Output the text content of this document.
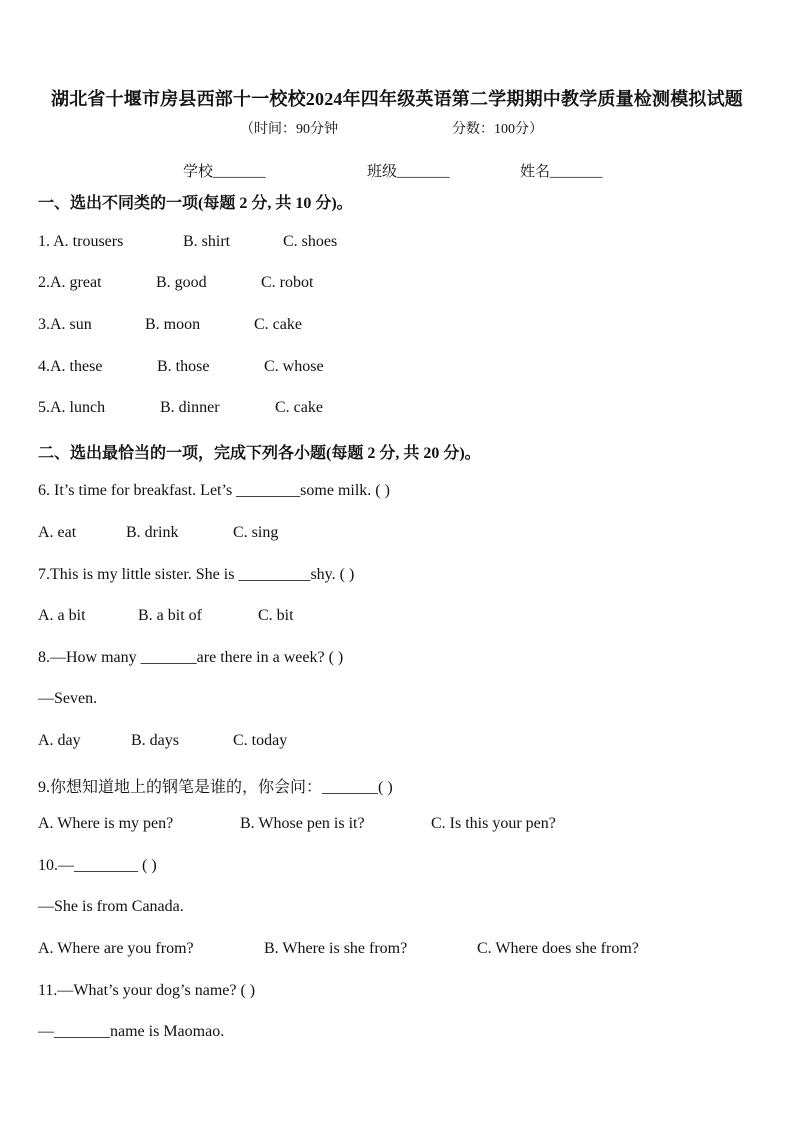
湖北省十堰市房县西部十一校校2024年四年级英语第二学期期中教学质量检测模拟试题
（时间：90分钟	分数：100分）
学校_______	班级_______	姓名_______
一、选出不同类的一项(每题 2 分, 共 10 分)。
1. A. trousers	B. shirt	C. shoes
2.A. great	B. good	C. robot
3.A. sun	B. moon	C. cake
4.A. these	B. those	C. whose
5.A. lunch	B. dinner	C. cake
二、选出最恰当的一项，完成下列各小题(每题 2 分, 共 20 分)。
6. It’s time for breakfast. Let’s ________some milk. ( )
A. eat	B. drink	C. sing
7.This is my little sister. She is _________shy. ( )
A. a bit	B. a bit of	C. bit
8.—How many _______are there in a week? ( )
—Seven.
A. day	B. days	C. today
9.你想知道地上的钢笔是谁的，你会问：_______( )
A. Where is my pen?	B. Whose pen is it?	C. Is this your pen?
10.—________ ( )
—She is from Canada.
A. Where are you from?	B. Where is she from?	C. Where does she from?
11.—What’s your dog’s name? ( )
—_______name is Maomao.
